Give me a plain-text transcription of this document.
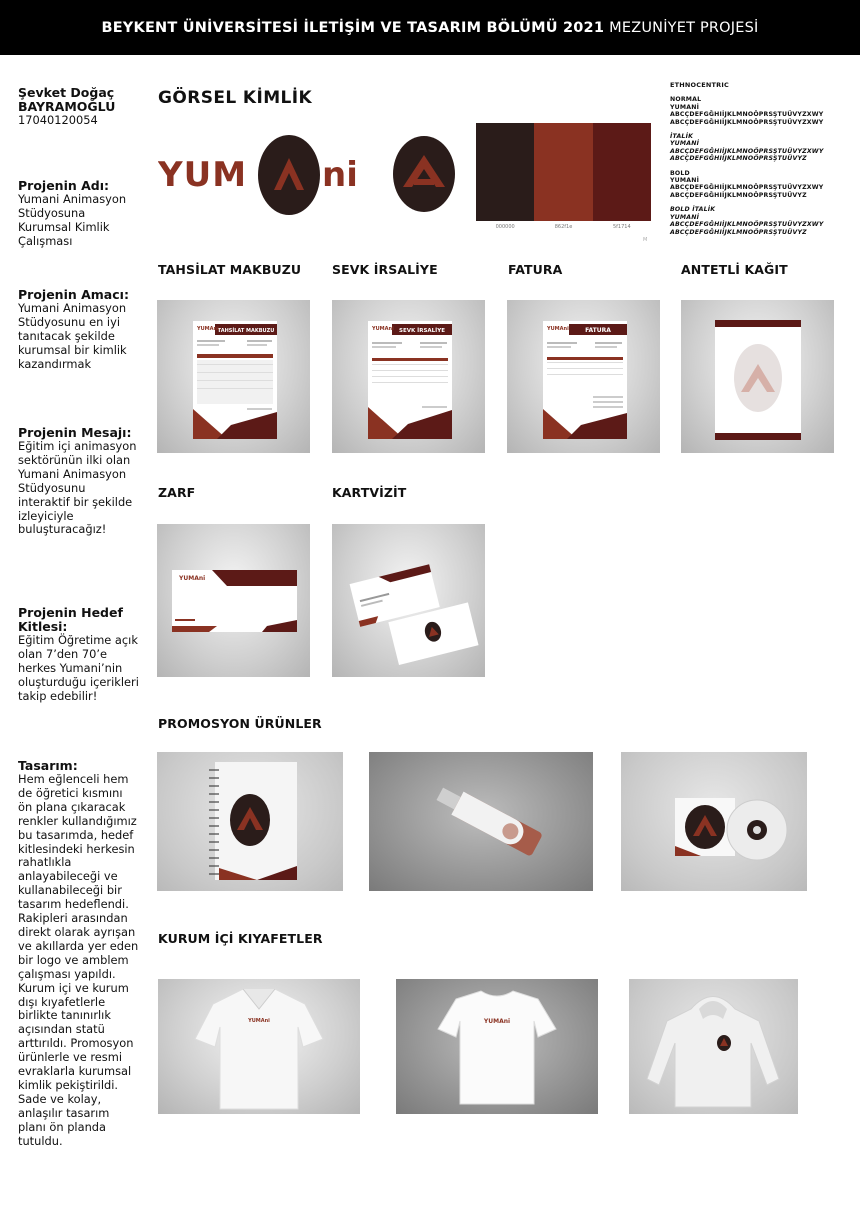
BEYKENT ÜNİVERSİTESİ İLETİŞİM VE TASARIM BÖLÜMÜ 2021 MEZUNİYET PROJESİ
Şevket Doğaç
BAYRAMOĞLU
17040120054
Projenin Adı:
Yumani Animasyon Stüdyosuna Kurumsal Kimlik Çalışması
Projenin Amacı:
Yumani Animasyon Stüdyosunu en iyi tanıtacak şekilde kurumsal bir kimlik kazandırmak
Projenin Mesajı:
Eğitim içi animasyon sektörünün ilki olan Yumani Animasyon Stüdyosunu interaktif bir şekilde izleyiciyle buluşturacağız!
Projenin Hedef Kitlesi:
Eğitim Öğretime açık olan 7’den 70’e herkes Yumani’nin oluşturduğu içerikleri takip edebilir!
Tasarım:
Hem eğlenceli hem de öğretici kısmını ön plana çıkaracak renkler kullandığımız bu tasarımda, hedef kitlesindeki herkesin rahatlıkla anlayabileceği ve kullanabileceği bir tasarım hedeflendi. Rakipleri arasından direkt olarak ayrışan ve akıllarda yer eden bir logo ve amblem çalışması yapıldı. Kurum içi ve kurum dışı kıyafetlerle birlikte tanınırlık açısından statü arttırıldı. Promosyon ürünlerle ve resmi evraklarla kurumsal kimlik pekiştirildi. Sade ve kolay, anlaşılır tasarım planı ön planda tutuldu.
GÖRSEL KİMLİK
YUM ni
000000	862f1e	5f1714
M
ETHNOCENTRIC
NORMAL
YUMANİ
ABCÇDEFGĞHIİJKLMNOÖPRSŞTUÜVYZXWY
ABCÇDEFGĞHIİJKLMNOÖPRSŞTUÜVYZXWY
İTALİK
YUMANİ
ABCÇDEFGĞHIİJKLMNOÖPRSŞTUÜVYZXWY
ABCÇDEFGĞHIİJKLMNOÖPRSŞTUÜVYZ
BOLD
YUMANİ
ABCÇDEFGĞHIİJKLMNOÖPRSŞTUÜVYZXWY
ABCÇDEFGĞHIİJKLMNOÖPRSŞTUÜVYZ
BOLD İTALİK
YUMANİ
ABCÇDEFGĞHIİJKLMNOÖPRSŞTUÜVYZXWY
ABCÇDEFGĞHIİJKLMNOÖPRSŞTUÜVYZ
TAHSİLAT MAKBUZU SEVK İRSALİYE	FATURA	ANTETLİ KAĞIT
TAHSİLAT MAKBUZU
YUMAni	SEVK İRSALİYE
YUMAni	FATURA
YUMAni
ZARF	KARTVİZİT
YUMAni
PROMOSYON ÜRÜNLER
KURUM İÇİ KIYAFETLER
YUMAni	YUMAni
